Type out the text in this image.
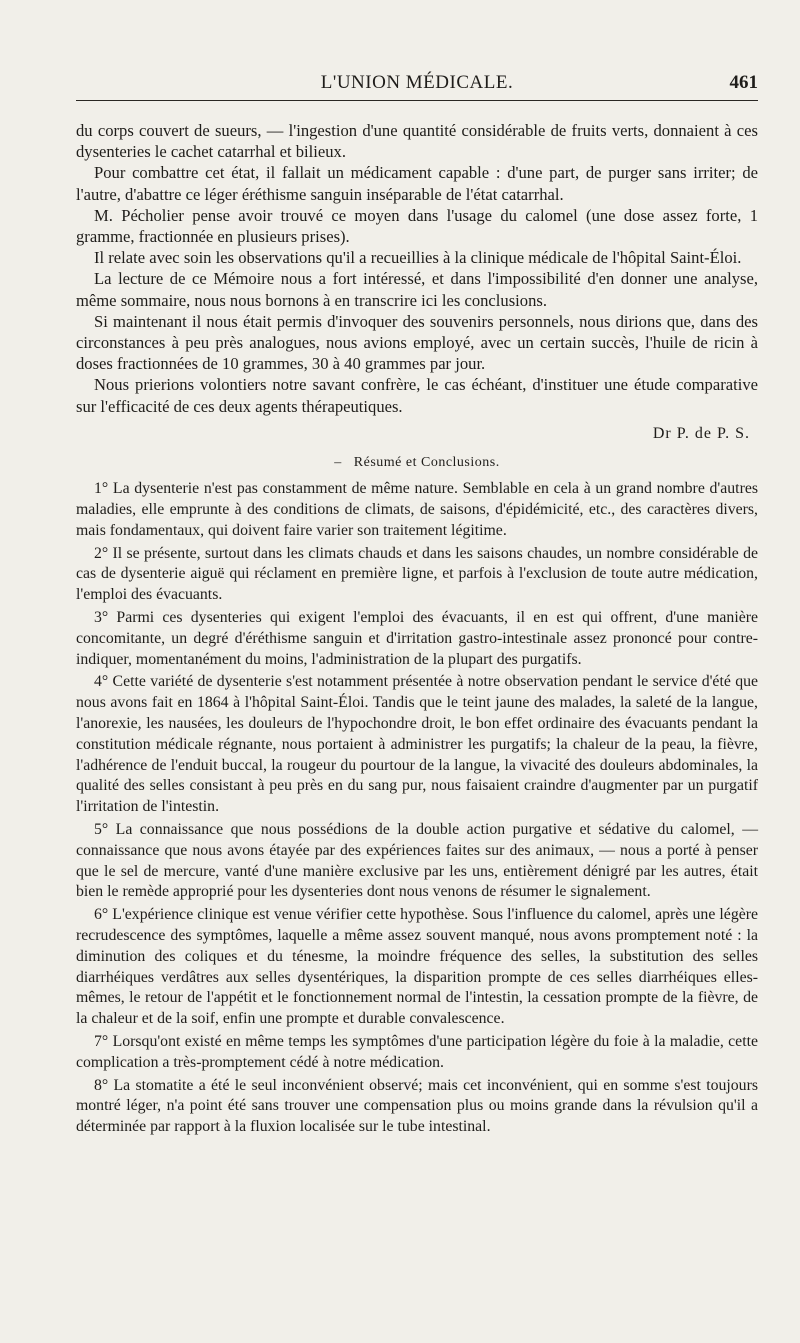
L'UNION MÉDICALE.	461

du corps couvert de sueurs, — l'ingestion d'une quantité considérable de fruits verts, donnaient à ces dysenteries le cachet catarrhal et bilieux.

Pour combattre cet état, il fallait un médicament capable : d'une part, de purger sans irriter; de l'autre, d'abattre ce léger éréthisme sanguin inséparable de l'état catarrhal.

M. Pécholier pense avoir trouvé ce moyen dans l'usage du calomel (une dose assez forte, 1 gramme, fractionnée en plusieurs prises).

Il relate avec soin les observations qu'il a recueillies à la clinique médicale de l'hôpital Saint-Éloi.

La lecture de ce Mémoire nous a fort intéressé, et dans l'impossibilité d'en donner une analyse, même sommaire, nous nous bornons à en transcrire ici les conclusions.

Si maintenant il nous était permis d'invoquer des souvenirs personnels, nous dirions que, dans des circonstances à peu près analogues, nous avions employé, avec un certain succès, l'huile de ricin à doses fractionnées de 10 grammes, 30 à 40 grammes par jour.

Nous prierions volontiers notre savant confrère, le cas échéant, d'instituer une étude comparative sur l'efficacité de ces deux agents thérapeutiques.

Dr P. de P. S.
– Résumé et Conclusions.

1° La dysenterie n'est pas constamment de même nature. Semblable en cela à un grand nombre d'autres maladies, elle emprunte à des conditions de climats, de saisons, d'épidémicité, etc., des caractères divers, mais fondamentaux, qui doivent faire varier son traitement légitime.

2° Il se présente, surtout dans les climats chauds et dans les saisons chaudes, un nombre considérable de cas de dysenterie aiguë qui réclament en première ligne, et parfois à l'exclusion de toute autre médication, l'emploi des évacuants.

3° Parmi ces dysenteries qui exigent l'emploi des évacuants, il en est qui offrent, d'une manière concomitante, un degré d'éréthisme sanguin et d'irritation gastro-intestinale assez prononcé pour contre-indiquer, momentanément du moins, l'administration de la plupart des purgatifs.

4° Cette variété de dysenterie s'est notamment présentée à notre observation pendant le service d'été que nous avons fait en 1864 à l'hôpital Saint-Éloi. Tandis que le teint jaune des malades, la saleté de la langue, l'anorexie, les nausées, les douleurs de l'hypochondre droit, le bon effet ordinaire des évacuants pendant la constitution médicale régnante, nous portaient à administrer les purgatifs; la chaleur de la peau, la fièvre, l'adhérence de l'enduit buccal, la rougeur du pourtour de la langue, la vivacité des douleurs abdominales, la qualité des selles consistant à peu près en du sang pur, nous faisaient craindre d'augmenter par un purgatif l'irritation de l'intestin.

5° La connaissance que nous possédions de la double action purgative et sédative du calomel, — connaissance que nous avons étayée par des expériences faites sur des animaux, — nous a porté à penser que le sel de mercure, vanté d'une manière exclusive par les uns, entièrement dénigré par les autres, était bien le remède approprié pour les dysenteries dont nous venons de résumer le signalement.

6° L'expérience clinique est venue vérifier cette hypothèse. Sous l'influence du calomel, après une légère recrudescence des symptômes, laquelle a même assez souvent manqué, nous avons promptement noté : la diminution des coliques et du ténesme, la moindre fréquence des selles, la substitution des selles diarrhéiques verdâtres aux selles dysentériques, la disparition prompte de ces selles diarrhéiques elles-mêmes, le retour de l'appétit et le fonctionnement normal de l'intestin, la cessation prompte de la fièvre, de la chaleur et de la soif, enfin une prompte et durable convalescence.

7° Lorsqu'ont existé en même temps les symptômes d'une participation légère du foie à la maladie, cette complication a très-promptement cédé à notre médication.

8° La stomatite a été le seul inconvénient observé; mais cet inconvénient, qui en somme s'est toujours montré léger, n'a point été sans trouver une compensation plus ou moins grande dans la révulsion qu'il a déterminée par rapport à la fluxion localisée sur le tube intestinal.
